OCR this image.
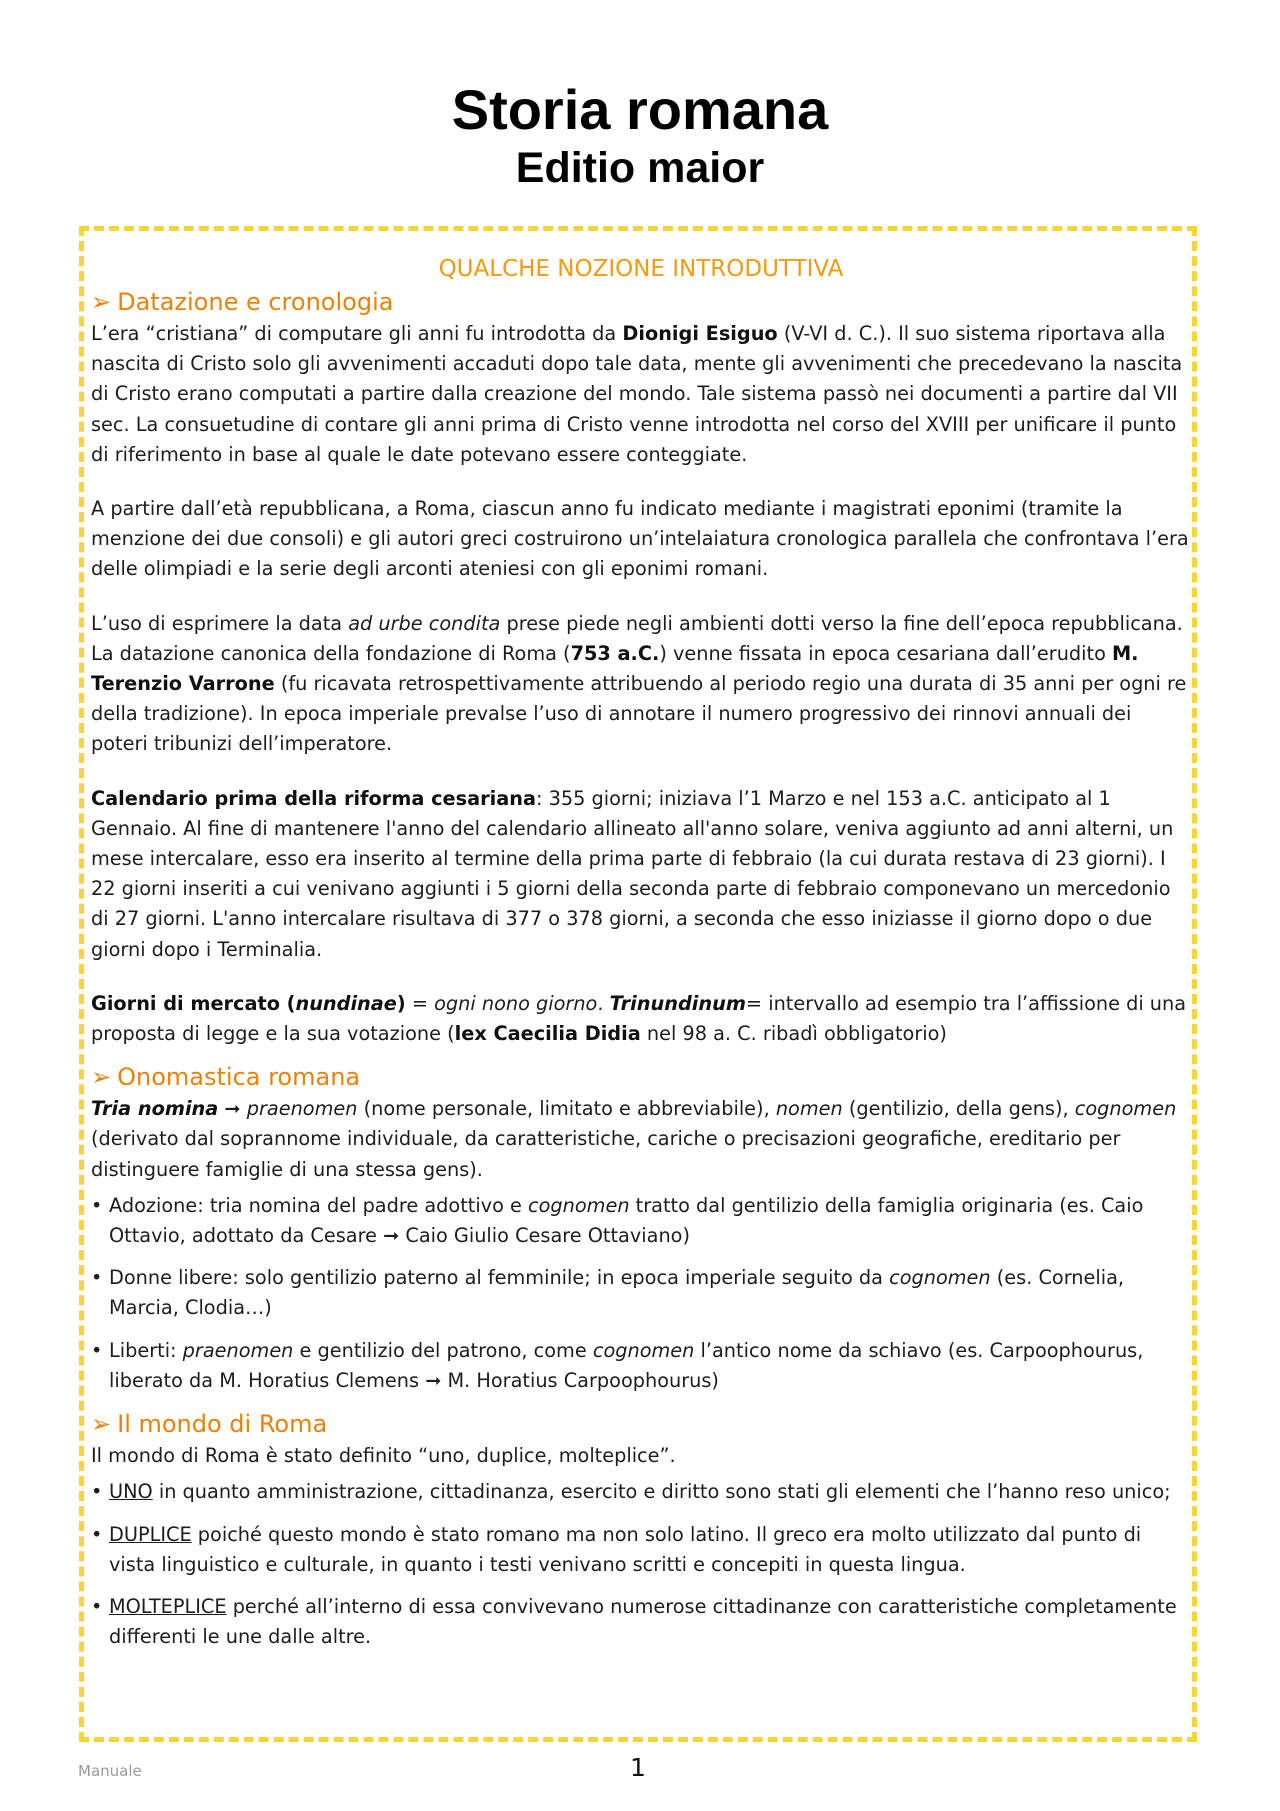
Storia romana
Editio maior
QUALCHE NOZIONE INTRODUTTIVA
➢ Datazione e cronologia

L’era “cristiana” di computare gli anni fu introdotta da Dionigi Esiguo (V-VI d. C.). Il suo sistema riportava alla nascita di Cristo solo gli avvenimenti accaduti dopo tale data, mente gli avvenimenti che precedevano la nascita di Cristo erano computati a partire dalla creazione del mondo. Tale sistema passò nei documenti a partire dal VII sec. La consuetudine di contare gli anni prima di Cristo venne introdotta nel corso del XVIII per unificare il punto di riferimento in base al quale le date potevano essere conteggiate.

A partire dall’età repubblicana, a Roma, ciascun anno fu indicato mediante i magistrati eponimi (tramite la menzione dei due consoli) e gli autori greci costruirono un’intelaiatura cronologica parallela che confrontava l’era delle olimpiadi e la serie degli arconti ateniesi con gli eponimi romani.

L’uso di esprimere la data ad urbe condita prese piede negli ambienti dotti verso la fine dell’epoca repubblicana. La datazione canonica della fondazione di Roma (753 a.C.) venne fissata in epoca cesariana dall’erudito M. Terenzio Varrone (fu ricavata retrospettivamente attribuendo al periodo regio una durata di 35 anni per ogni re della tradizione). In epoca imperiale prevalse l’uso di annotare il numero progressivo dei rinnovi annuali dei poteri tribunizi dell’imperatore.

Calendario prima della riforma cesariana: 355 giorni; iniziava l’1 Marzo e nel 153 a.C. anticipato al 1 Gennaio. Al fine di mantenere l'anno del calendario allineato all'anno solare, veniva aggiunto ad anni alterni, un mese intercalare, esso era inserito al termine della prima parte di febbraio (la cui durata restava di 23 giorni). I 22 giorni inseriti a cui venivano aggiunti i 5 giorni della seconda parte di febbraio componevano un mercedonio di 27 giorni. L'anno intercalare risultava di 377 o 378 giorni, a seconda che esso iniziasse il giorno dopo o due giorni dopo i Terminalia.

Giorni di mercato (nundinae) = ogni nono giorno. Trinundinum= intervallo ad esempio tra l’affissione di una proposta di legge e la sua votazione (lex Caecilia Didia nel 98 a. C. ribadì obbligatorio)

➢ Onomastica romana

Tria nomina ➞ praenomen (nome personale, limitato e abbreviabile), nomen (gentilizio, della gens), cognomen (derivato dal soprannome individuale, da caratteristiche, cariche o precisazioni geografiche, ereditario per distinguere famiglie di una stessa gens).

• Adozione: tria nomina del padre adottivo e cognomen tratto dal gentilizio della famiglia originaria (es. Caio Ottavio, adottato da Cesare ➞ Caio Giulio Cesare Ottaviano)
• Donne libere: solo gentilizio paterno al femminile; in epoca imperiale seguito da cognomen (es. Cornelia, Marcia, Clodia…)
• Liberti: praenomen e gentilizio del patrono, come cognomen l’antico nome da schiavo (es. Carpoophourus, liberato da M. Horatius Clemens ➞ M. Horatius Carpoophourus)
➢ Il mondo di Roma

Il mondo di Roma è stato definito “uno, duplice, molteplice”.

• UNO in quanto amministrazione, cittadinanza, esercito e diritto sono stati gli elementi che l’hanno reso unico;
• DUPLICE poiché questo mondo è stato romano ma non solo latino. Il greco era molto utilizzato dal punto di vista linguistico e culturale, in quanto i testi venivano scritti e concepiti in questa lingua.
• MOLTEPLICE perché all’interno di essa convivevano numerose cittadinanze con caratteristiche completamente differenti le une dalle altre.
Manuale	1
